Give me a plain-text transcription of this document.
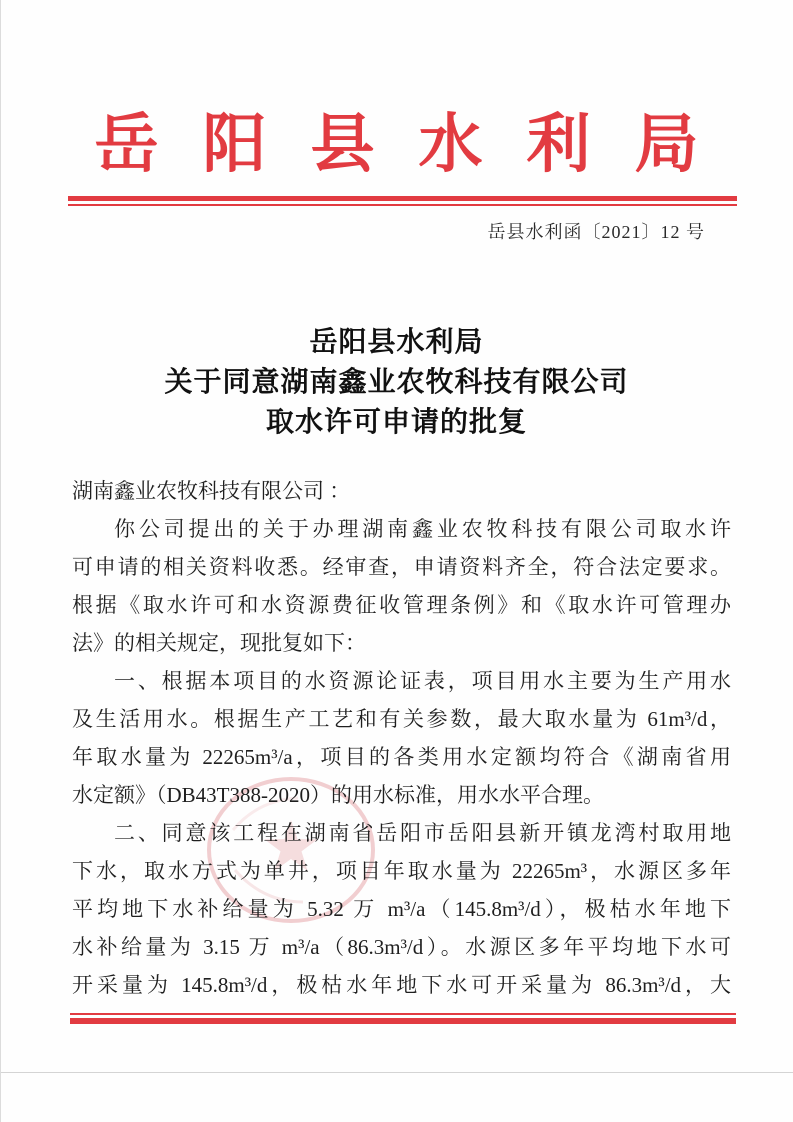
岳阳县水利局
岳县水利函〔2021〕12 号
岳阳县水利局
关于同意湖南鑫业农牧科技有限公司
取水许可申请的批复
湖南鑫业农牧科技有限公司 ：
你公司提出的关于办理湖南鑫业农牧科技有限公司取水许
可申请的相关资料收悉。经审查，申请资料齐全，符合法定要求。
根据《取水许可和水资源费征收管理条例》和《取水许可管理办
法》的相关规定，现批复如下：
一、根据本项目的水资源论证表，项目用水主要为生产用水
及生活用水。根据生产工艺和有关参数，最大取水量为 61m³/d，
年取水量为 22265m³/a，项目的各类用水定额均符合《湖南省用
水定额》（DB43T388-2020）的用水标准，用水水平合理。
二、同意该工程在湖南省岳阳市岳阳县新开镇龙湾村取用地
下水，取水方式为单井，项目年取水量为 22265m³，水源区多年
平均地下水补给量为 5.32 万 m³/a（145.8m³/d），极枯水年地下
水补给量为 3.15 万 m³/a（86.3m³/d）。水源区多年平均地下水可
开采量为 145.8m³/d，极枯水年地下水可开采量为 86.3m³/d，大
